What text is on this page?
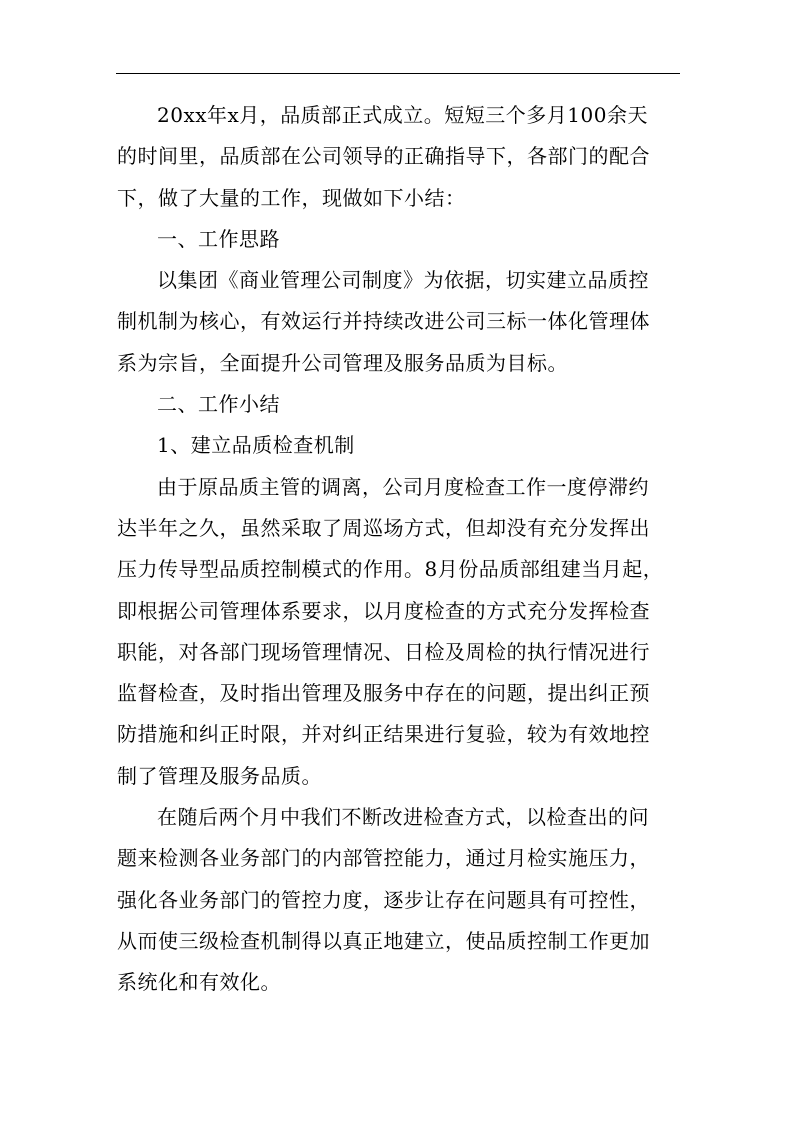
20xx年x月，品质部正式成立。短短三个多月100余天
的时间里，品质部在公司领导的正确指导下，各部门的配合
下，做了大量的工作，现做如下小结：

一、工作思路

以集团《商业管理公司制度》为依据，切实建立品质控
制机制为核心，有效运行并持续改进公司三标一体化管理体
系为宗旨，全面提升公司管理及服务品质为目标。

二、工作小结

1、建立品质检查机制

由于原品质主管的调离，公司月度检查工作一度停滞约
达半年之久，虽然采取了周巡场方式，但却没有充分发挥出
压力传导型品质控制模式的作用。8月份品质部组建当月起，
即根据公司管理体系要求，以月度检查的方式充分发挥检查
职能，对各部门现场管理情况、日检及周检的执行情况进行
监督检查，及时指出管理及服务中存在的问题，提出纠正预
防措施和纠正时限，并对纠正结果进行复验，较为有效地控
制了管理及服务品质。

在随后两个月中我们不断改进检查方式，以检查出的问
题来检测各业务部门的内部管控能力，通过月检实施压力，
强化各业务部门的管控力度，逐步让存在问题具有可控性，
从而使三级检查机制得以真正地建立，使品质控制工作更加
系统化和有效化。
